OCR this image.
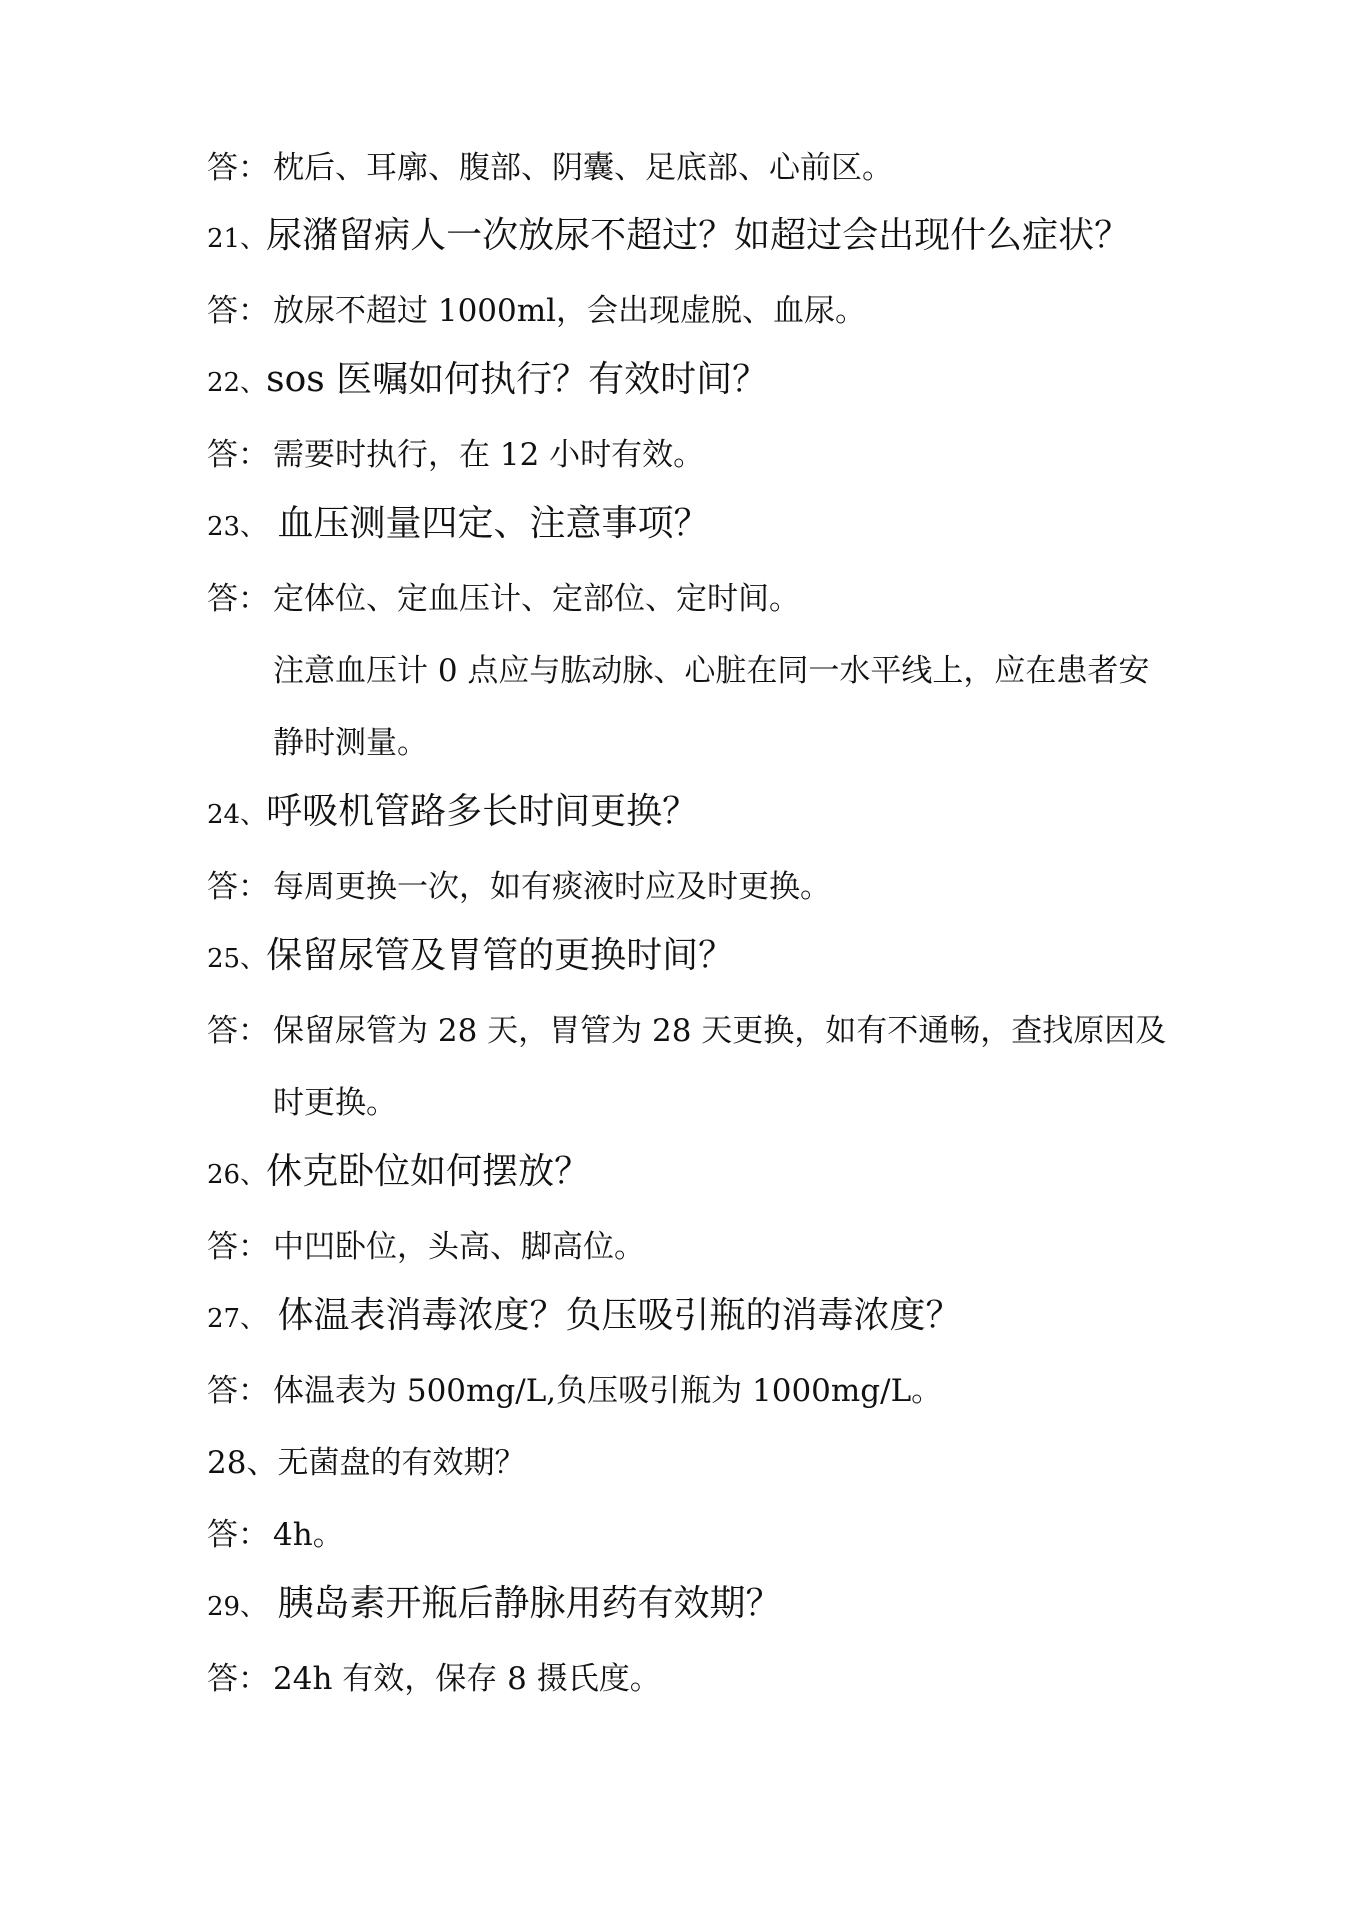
答： 枕后、耳廓、腹部、阴囊、足底部、心前区。
21、尿潴留病人一次放尿不超过？如超过会出现什么症状？
答： 放尿不超过 1000ml，会出现虚脱、血尿。
22、sos 医嘱如何执行？有效时间？
答： 需要时执行，在 12 小时有效。
23、 血压测量四定、注意事项？
答： 定体位、定血压计、定部位、定时间。
注意血压计 0 点应与肱动脉、心脏在同一水平线上，应在患者安
静时测量。
24、呼吸机管路多长时间更换？
答： 每周更换一次，如有痰液时应及时更换。
25、保留尿管及胃管的更换时间？
答： 保留尿管为 28 天，胃管为 28 天更换，如有不通畅，查找原因及
时更换。
26、休克卧位如何摆放？
答： 中凹卧位，头高、脚高位。
27、 体温表消毒浓度？负压吸引瓶的消毒浓度？
答： 体温表为 500mg/L,负压吸引瓶为 1000mg/L。
28、无菌盘的有效期？
答： 4h。
29、 胰岛素开瓶后静脉用药有效期？
答： 24h 有效，保存 8 摄氏度。
